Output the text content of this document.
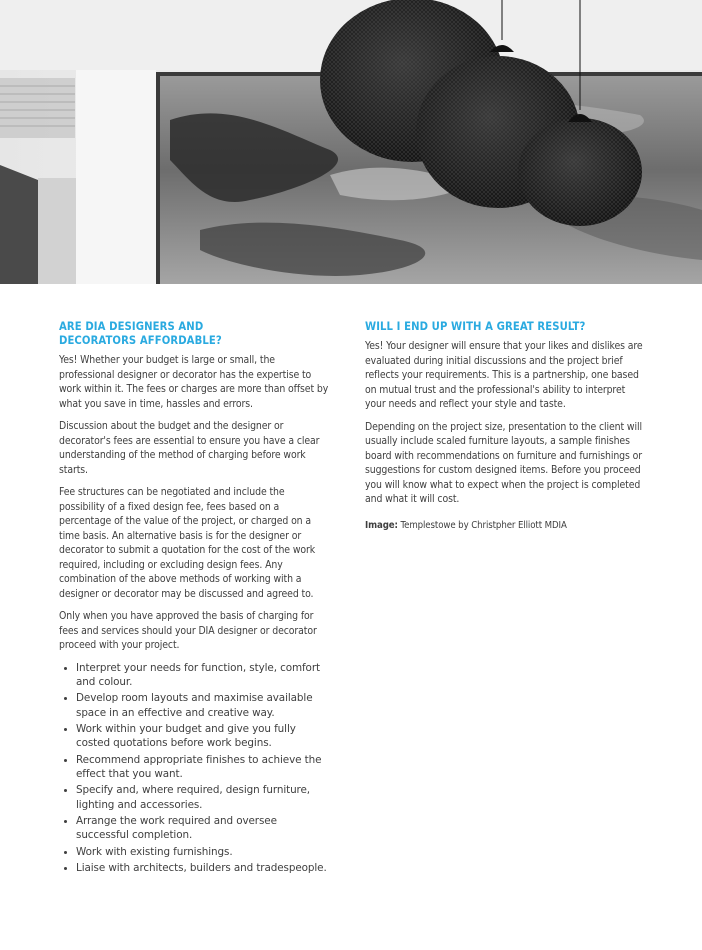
ARE DIA DESIGNERS AND
DECORATORS AFFORDABLE?

Yes! Whether your budget is large or small, the professional designer or decorator has the expertise to work within it. The fees or charges are more than offset by what you save in time, hassles and errors.

Discussion about the budget and the designer or decorator's fees are essential to ensure you have a clear understanding of the method of charging before work starts.

Fee structures can be negotiated and include the possibility of a fixed design fee, fees based on a percentage of the value of the project, or charged on a time basis. An alternative basis is for the designer or decorator to submit a quotation for the cost of the work required, including or excluding design fees. Any combination of the above methods of working with a designer or decorator may be discussed and agreed to.

Only when you have approved the basis of charging for fees and services should your DIA designer or decorator proceed with your project.

• Interpret your needs for function, style, comfort and colour.
• Develop room layouts and maximise available space in an effective and creative way.
• Work within your budget and give you fully costed quotations before work begins.
• Recommend appropriate finishes to achieve the effect that you want.
• Specify and, where required, design furniture, lighting and accessories.
• Arrange the work required and oversee successful completion.
• Work with existing furnishings.
• Liaise with architects, builders and tradespeople.
WILL I END UP WITH A GREAT RESULT?

Yes! Your designer will ensure that your likes and dislikes are evaluated during initial discussions and the project brief reflects your requirements. This is a partnership, one based on mutual trust and the professional's ability to interpret your needs and reflect your style and taste.

Depending on the project size, presentation to the client will usually include scaled furniture layouts, a sample finishes board with recommendations on furniture and furnishings or suggestions for custom designed items. Before you proceed you will know what to expect when the project is completed and what it will cost.

Image: Templestowe by Christpher Elliott MDIA
